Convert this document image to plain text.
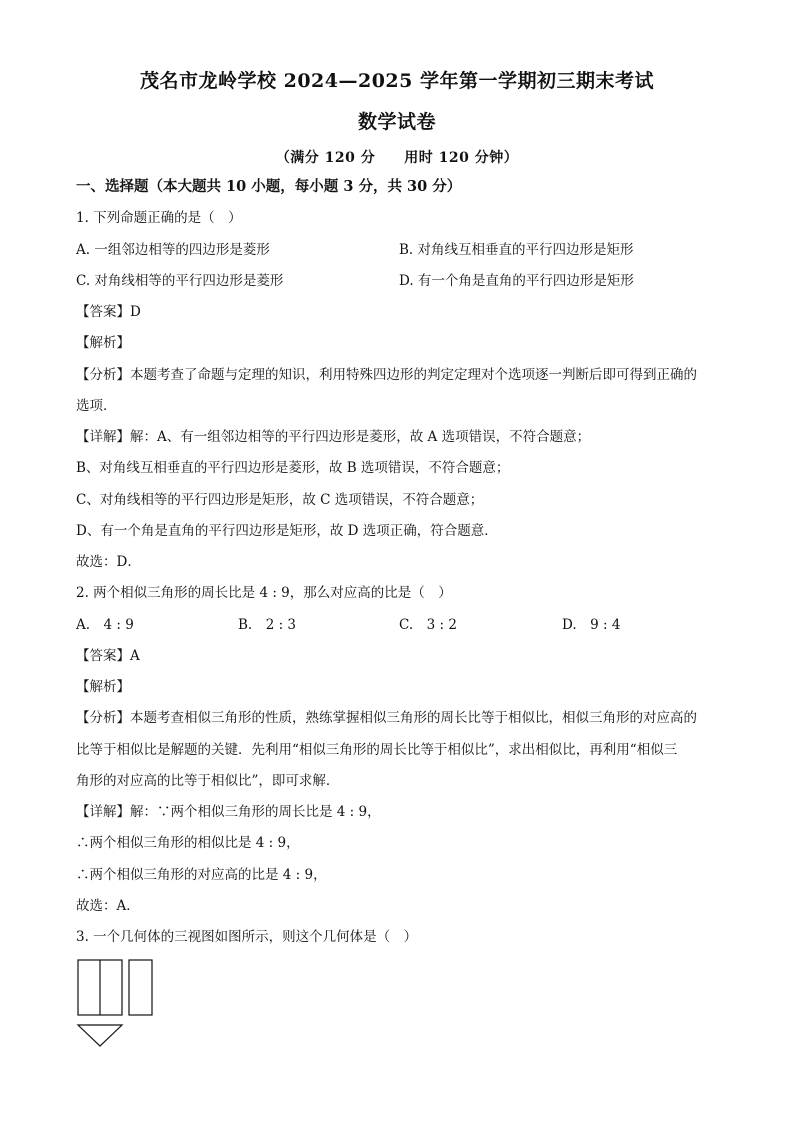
茂名市龙岭学校 2024—2025 学年第一学期初三期末考试
数学试卷
（满分 120 分　　用时 120 分钟）
一、选择题（本大题共 10 小题，每小题 3 分，共 30 分）
1. 下列命题正确的是（　）
A. 一组邻边相等的四边形是菱形	B. 对角线互相垂直的平行四边形是矩形
C. 对角线相等的平行四边形是菱形	D. 有一个角是直角的平行四边形是矩形
【答案】D
【解析】
【分析】本题考查了命题与定理的知识，利用特殊四边形的判定定理对个选项逐一判断后即可得到正确的
选项．
【详解】解：A、有一组邻边相等的平行四边形是菱形，故 A 选项错误，不符合题意；
B、对角线互相垂直的平行四边形是菱形，故 B 选项错误，不符合题意；
C、对角线相等的平行四边形是矩形，故 C 选项错误，不符合题意；
D、有一个角是直角的平行四边形是矩形，故 D 选项正确，符合题意．
故选：D．
2. 两个相似三角形的周长比是 4 : 9，那么对应高的比是（　）
A.　4 : 9	B.　2 : 3	C.　3 : 2	D.　9 : 4
【答案】A
【解析】
【分析】本题考查相似三角形的性质，熟练掌握相似三角形的周长比等于相似比，相似三角形的对应高的
比等于相似比是解题的关键．先利用“相似三角形的周长比等于相似比”，求出相似比，再利用“相似三
角形的对应高的比等于相似比”，即可求解．
【详解】解：∵两个相似三角形的周长比是 4 : 9，
∴两个相似三角形的相似比是 4 : 9，
∴两个相似三角形的对应高的比是 4 : 9，
故选：A．
3. 一个几何体的三视图如图所示，则这个几何体是（　）
